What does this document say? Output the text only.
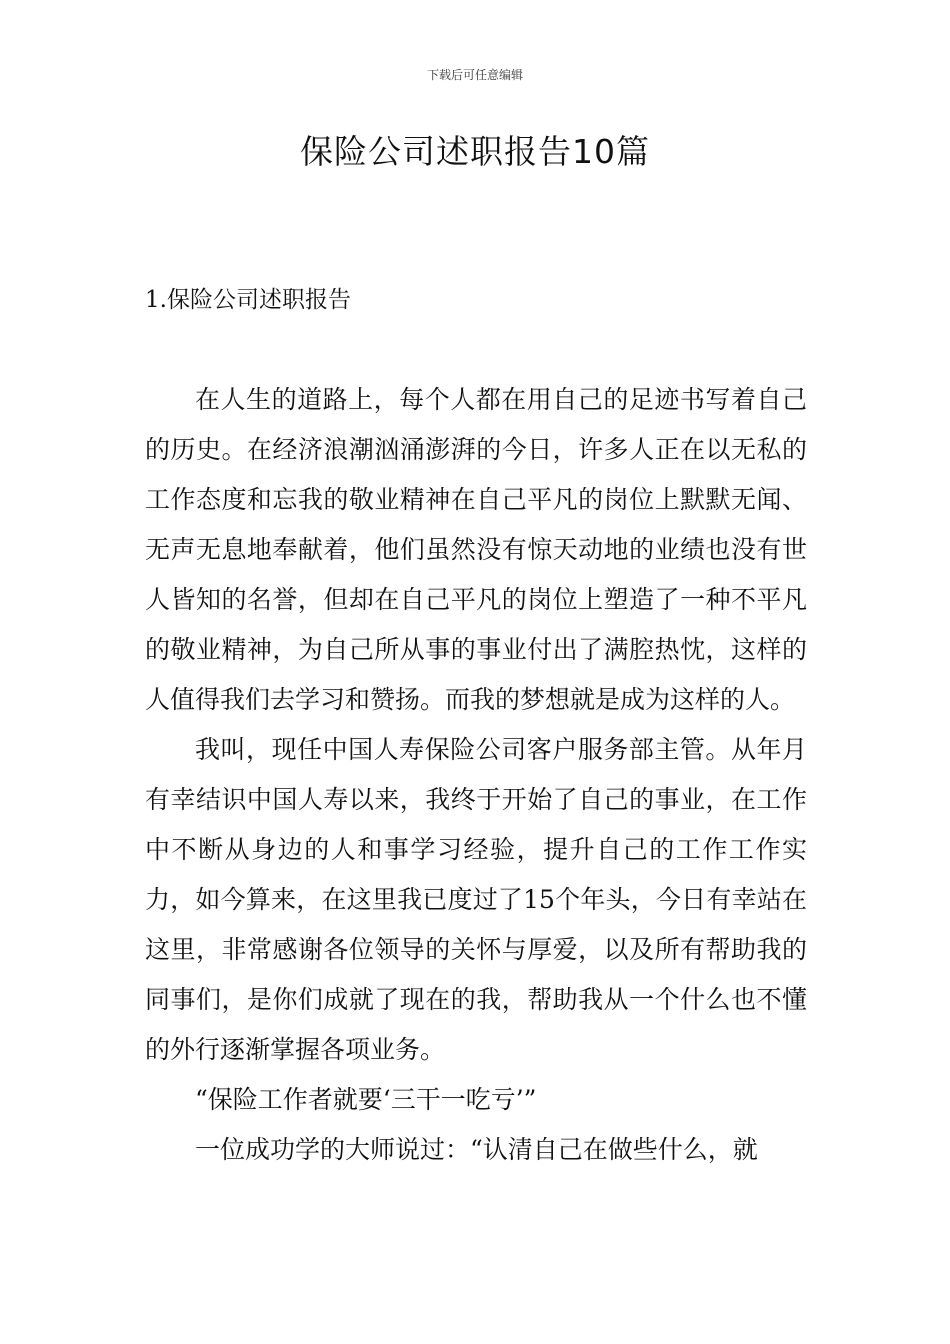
下载后可任意编辑
保险公司述职报告10篇
1.保险公司述职报告

在人生的道路上，每个人都在用自己的足迹书写着自己的历史。在经济浪潮汹涌澎湃的今日，许多人正在以无私的工作态度和忘我的敬业精神在自己平凡的岗位上默默无闻、无声无息地奉献着，他们虽然没有惊天动地的业绩也没有世人皆知的名誉，但却在自己平凡的岗位上塑造了一种不平凡的敬业精神，为自己所从事的事业付出了满腔热忱，这样的人值得我们去学习和赞扬。而我的梦想就是成为这样的人。

我叫，现任中国人寿保险公司客户服务部主管。从年月有幸结识中国人寿以来，我终于开始了自己的事业，在工作中不断从身边的人和事学习经验，提升自己的工作工作实力，如今算来，在这里我已度过了15个年头，今日有幸站在这里，非常感谢各位领导的关怀与厚爱，以及所有帮助我的同事们，是你们成就了现在的我，帮助我从一个什么也不懂的外行逐渐掌握各项业务。

“保险工作者就要‘三干一吃亏’”

一位成功学的大师说过：“认清自己在做些什么，就
